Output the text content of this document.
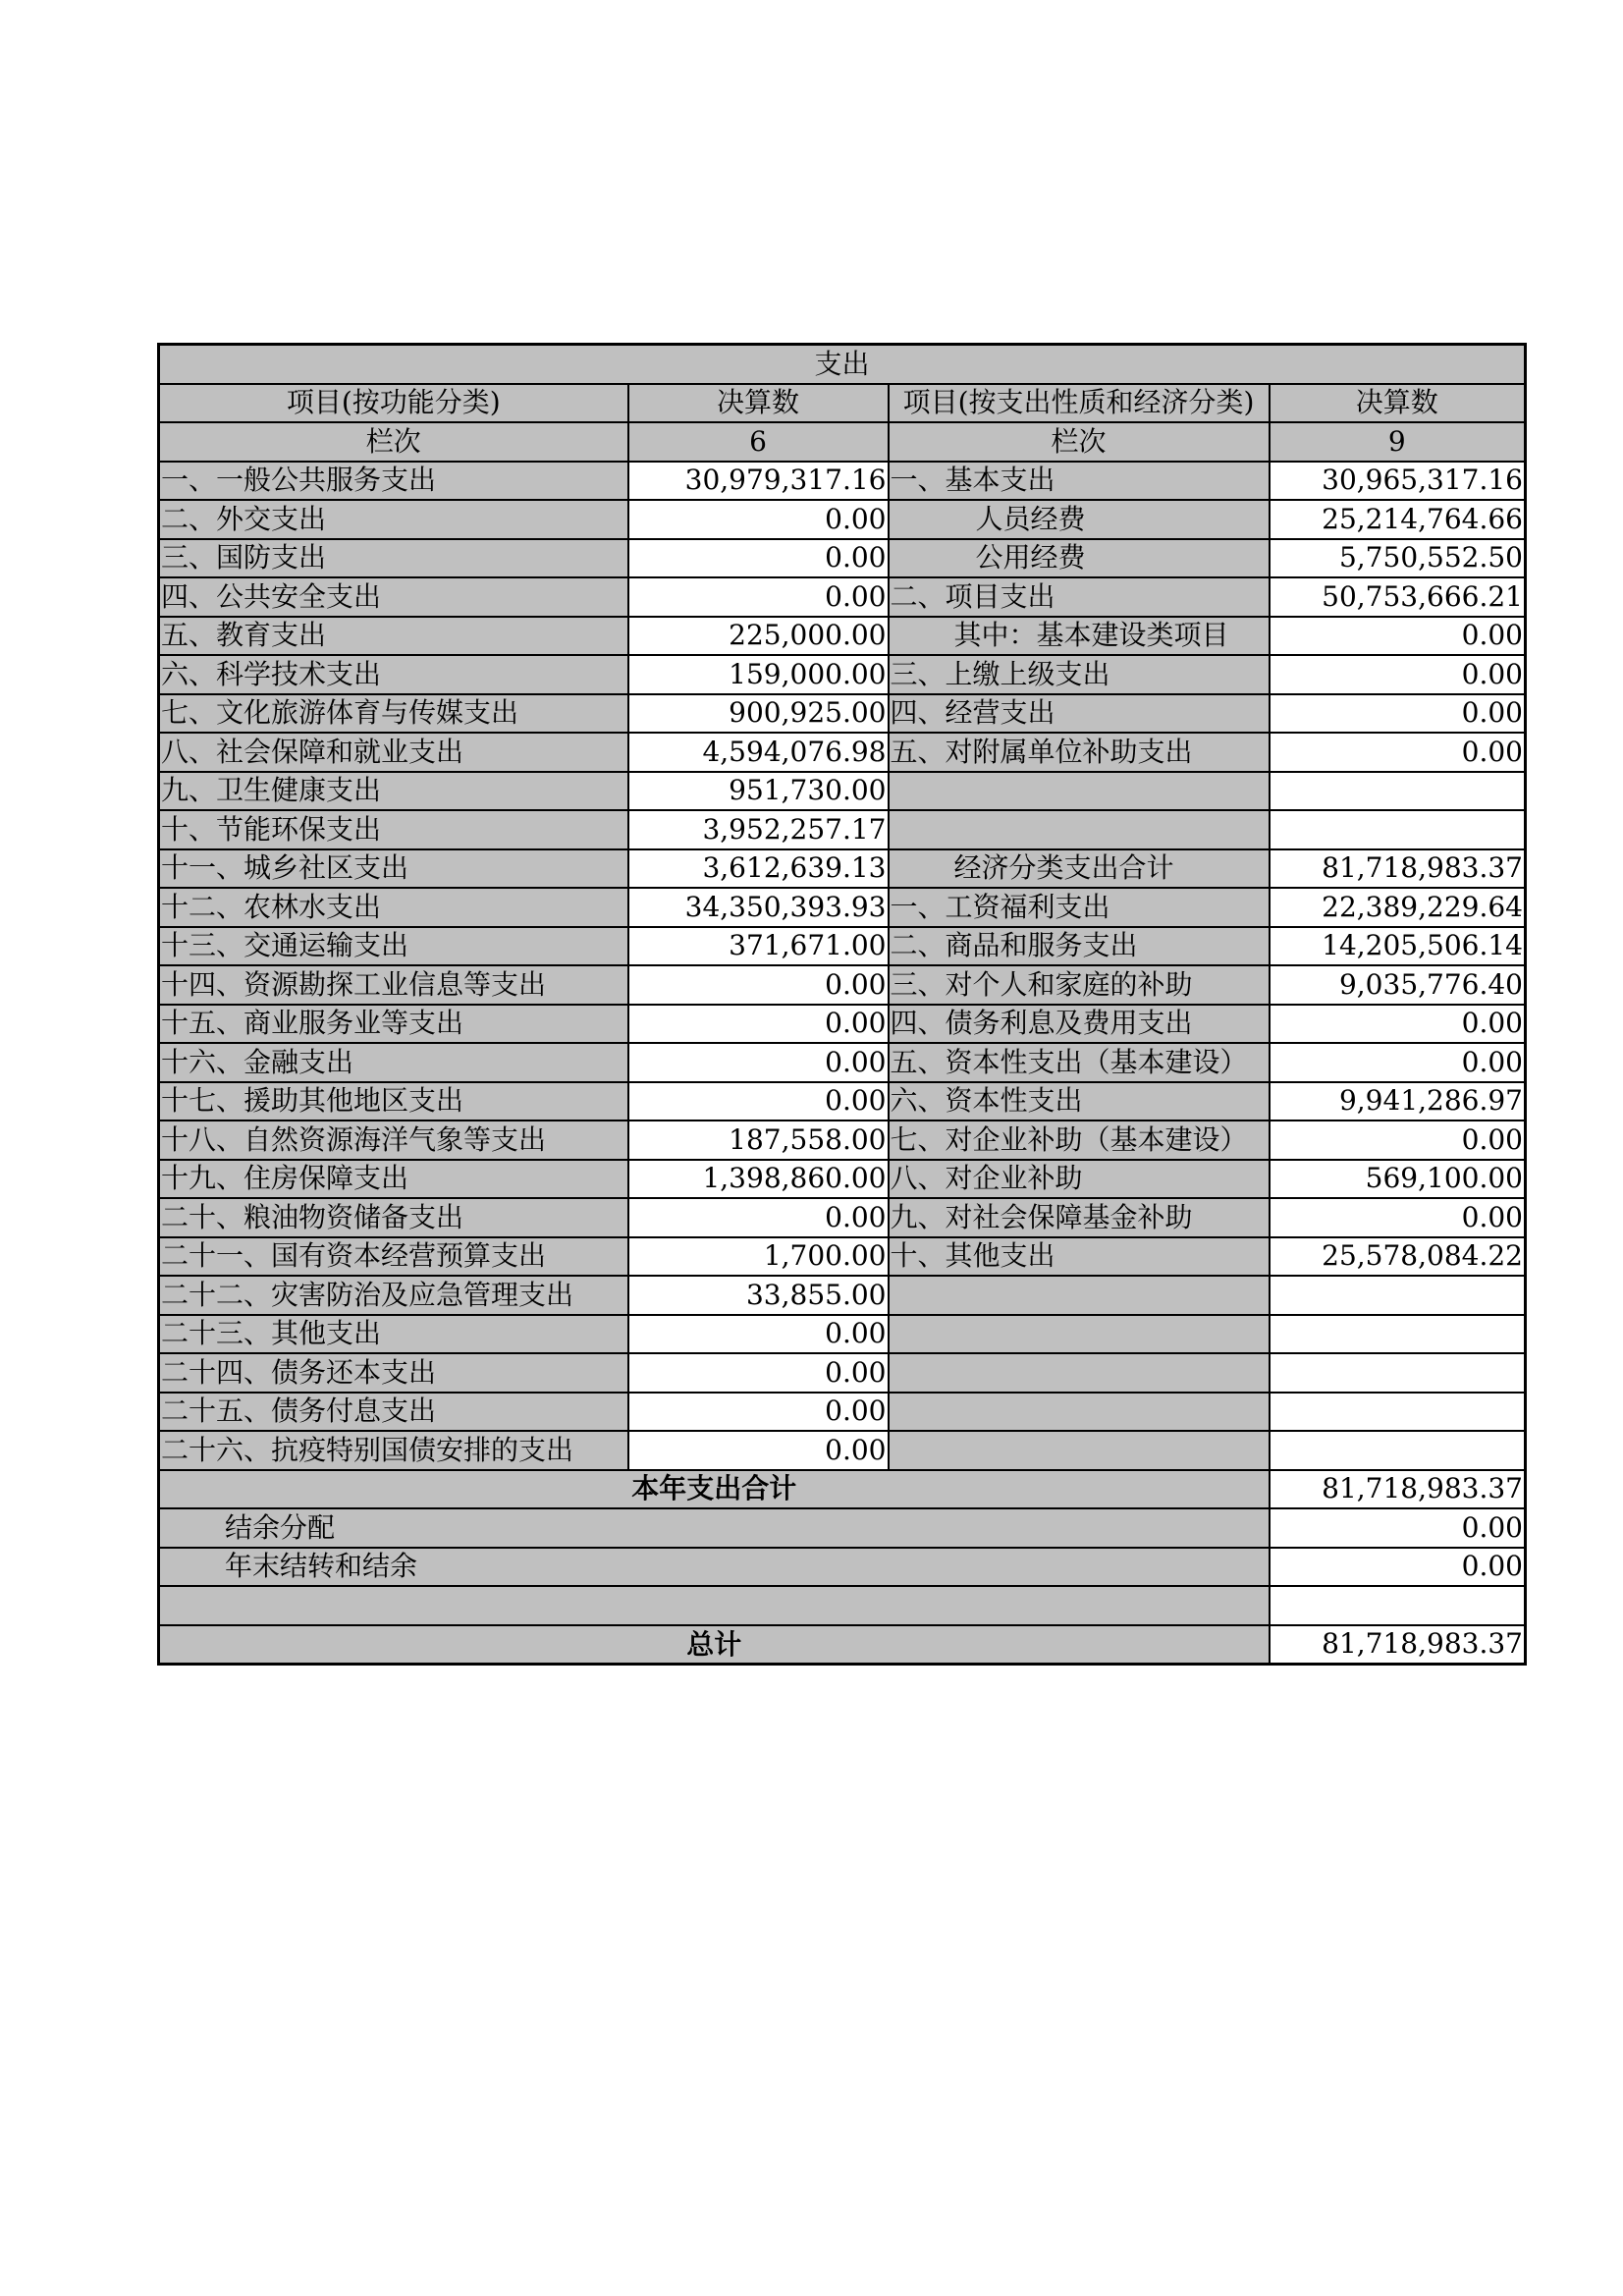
支出			
项目(按功能分类)	决算数	项目(按支出性质和经济分类)	决算数
栏次	6	栏次	9
一、一般公共服务支出	30,979,317.16	一、基本支出	30,965,317.16
二、外交支出	0.00	人员经费	25,214,764.66
三、国防支出	0.00	公用经费	5,750,552.50
四、公共安全支出	0.00	二、项目支出	50,753,666.21
五、教育支出	225,000.00	其中：基本建设类项目	0.00
六、科学技术支出	159,000.00	三、上缴上级支出	0.00
七、文化旅游体育与传媒支出	900,925.00	四、经营支出	0.00
八、社会保障和就业支出	4,594,076.98	五、对附属单位补助支出	0.00
九、卫生健康支出	951,730.00		
十、节能环保支出	3,952,257.17		
十一、城乡社区支出	3,612,639.13	经济分类支出合计	81,718,983.37
十二、农林水支出	34,350,393.93	一、工资福利支出	22,389,229.64
十三、交通运输支出	371,671.00	二、商品和服务支出	14,205,506.14
十四、资源勘探工业信息等支出	0.00	三、对个人和家庭的补助	9,035,776.40
十五、商业服务业等支出	0.00	四、债务利息及费用支出	0.00
十六、金融支出	0.00	五、资本性支出（基本建设）	0.00
十七、援助其他地区支出	0.00	六、资本性支出	9,941,286.97
十八、自然资源海洋气象等支出	187,558.00	七、对企业补助（基本建设）	0.00
十九、住房保障支出	1,398,860.00	八、对企业补助	569,100.00
二十、粮油物资储备支出	0.00	九、对社会保障基金补助	0.00
二十一、国有资本经营预算支出	1,700.00	十、其他支出	25,578,084.22
二十二、灾害防治及应急管理支出	33,855.00		
二十三、其他支出	0.00		
二十四、债务还本支出	0.00		
二十五、债务付息支出	0.00		
二十六、抗疫特别国债安排的支出	0.00		
本年支出合计			81,718,983.37
结余分配			0.00
年末结转和结余			0.00

总计			81,718,983.37
